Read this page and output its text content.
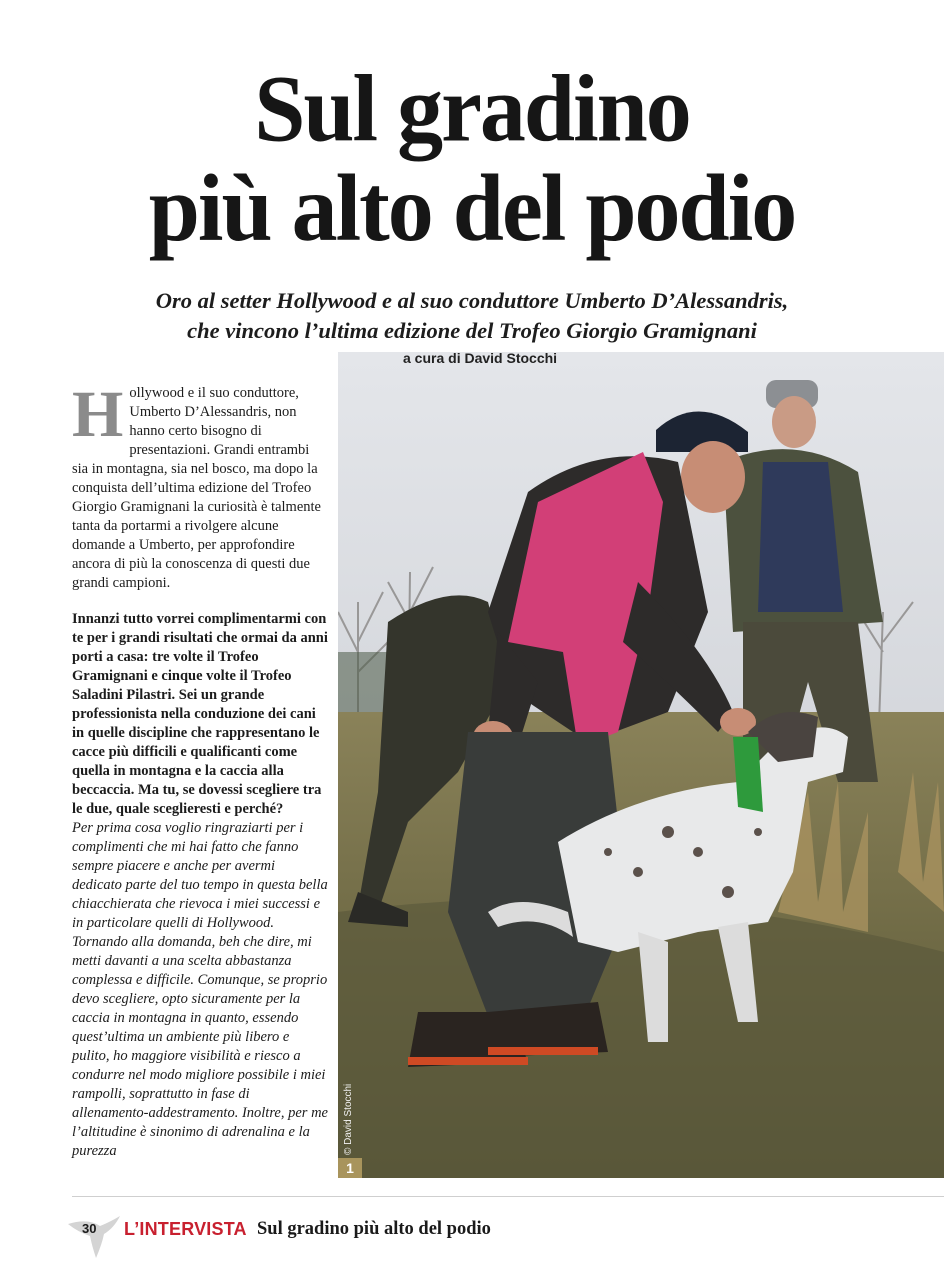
Sul gradino
più alto del podio
Oro al setter Hollywood e al suo conduttore Umberto D’Alessandris,
che vincono l’ultima edizione del Trofeo Giorgio Gramignani
© David Stocchi
1
a cura di David Stocchi

Hollywood e il suo conduttore, Umberto D’Alessandris, non hanno certo bisogno di presentazioni. Grandi entrambi sia in montagna, sia nel bosco, ma dopo la conquista dell’ultima edizione del Trofeo Giorgio Gramignani la curiosità è talmente tanta da portarmi a rivolgere alcune domande a Umberto, per approfondire ancora di più la conoscenza di questi due grandi campioni.

Innanzi tutto vorrei complimentarmi con te per i grandi risultati che ormai da anni porti a casa: tre volte il Trofeo Gramignani e cinque volte il Trofeo Saladini Pilastri. Sei un grande professionista nella conduzione dei cani in quelle discipline che rappresentano le cacce più difficili e qualificanti come quella in montagna e la caccia alla beccaccia. Ma tu, se dovessi scegliere tra le due, quale sceglieresti e perché?

Per prima cosa voglio ringraziarti per i complimenti che mi hai fatto che fanno sempre piacere e anche per avermi dedicato parte del tuo tempo in questa bella chiacchierata che rievoca i miei successi e in particolare quelli di Hollywood. Tornando alla domanda, beh che dire, mi metti davanti a una scelta abbastanza complessa e difficile. Comunque, se proprio devo scegliere, opto sicuramente per la caccia in montagna in quanto, essendo quest’ultima un ambiente più libero e pulito, ho maggiore visibilità e riesco a condurre nel modo migliore possibile i miei rampolli, soprattutto in fase di allenamento-addestramento. Inoltre, per me l’altitudine è sinonimo di adrenalina e la purezza

30 L’INTERVISTA Sul gradino più alto del podio
